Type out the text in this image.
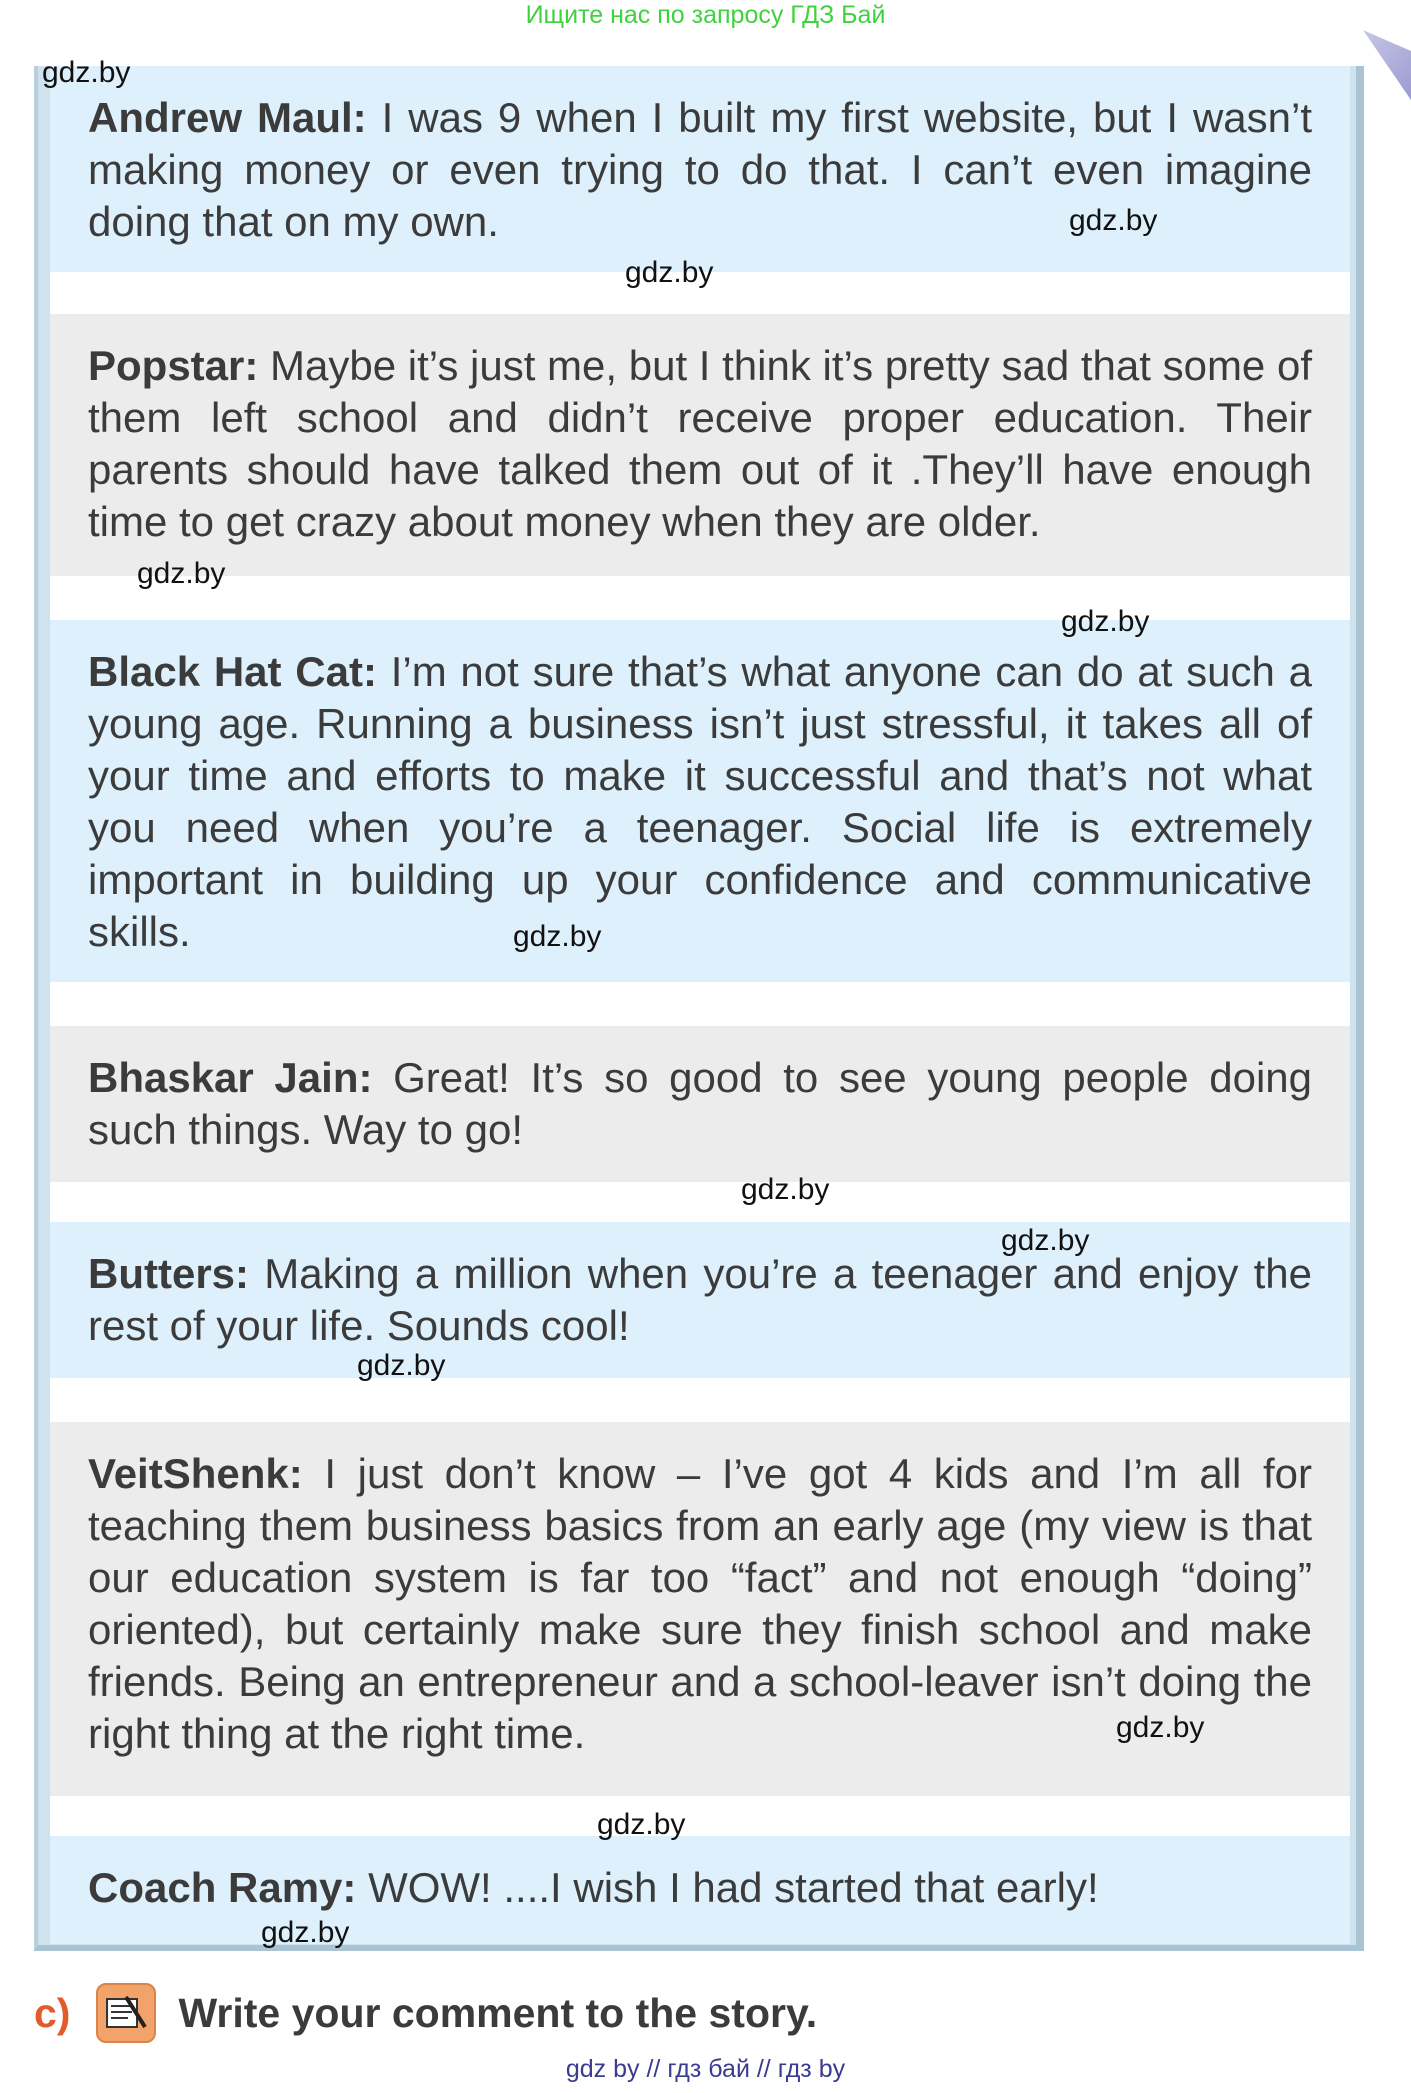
Ищите нас по запросу ГДЗ Бай
Andrew Maul: I was 9 when I built my first website, but I wasn’t making money or even trying to do that. I can’t even imagine doing that on my own.
Popstar: Maybe it’s just me, but I think it’s pretty sad that some of them left school and didn’t receive proper education. Their parents should have talked them out of it .They’ll have enough time to get crazy about money when they are older.
Black Hat Cat: I’m not sure that’s what anyone can do at such a young age. Running a business isn’t just stressful, it takes all of your time and efforts to make it successful and that’s not what you need when you’re a teenager. Social life is extremely important in building up your confidence and communicative skills.
Bhaskar Jain: Great! It’s so good to see young people doing such things. Way to go!
Butters: Making a million when you’re a teenager and enjoy the rest of your life. Sounds cool!
VeitShenk: I just don’t know – I’ve got 4 kids and I’m all for teaching them business basics from an early age (my view is that our education system is far too “fact” and not enough “doing” oriented), but certainly make sure they finish school and make friends. Being an entrepreneur and a school-leaver isn’t doing the right thing at the right time.
Coach Ramy: WOW! ....I wish I had started that early!
gdz.by
gdz.by
gdz.by
gdz.by
gdz.by
gdz.by
gdz.by
gdz.by
gdz.by
gdz.by
gdz.by
gdz.by
c)	Write your comment to the story.
gdz by // гдз бай // гдз by
